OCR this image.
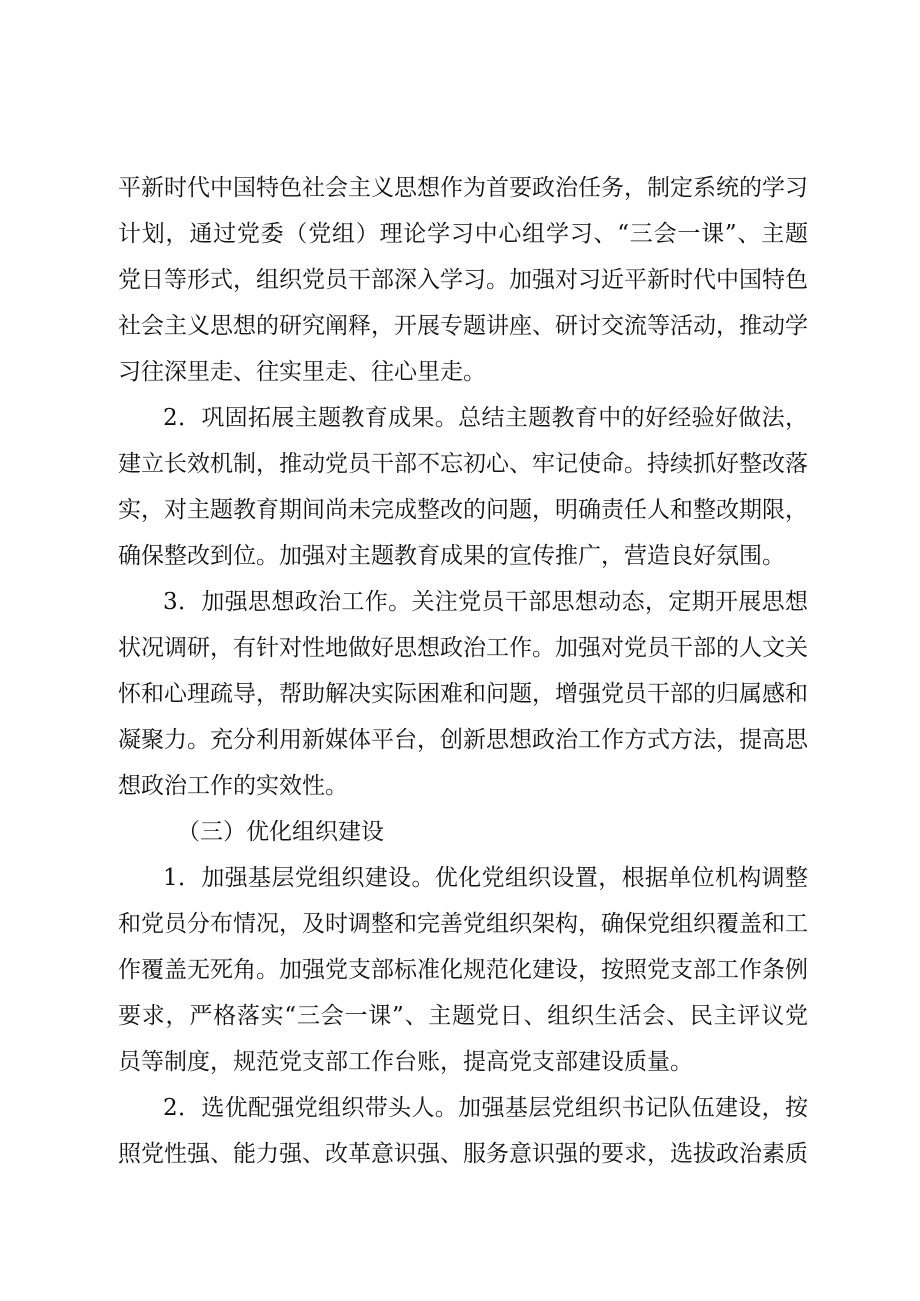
平新时代中国特色社会主义思想作为首要政治任务，制定系统的学习
计划，通过党委（党组）理论学习中心组学习、“三会一课”、主题
党日等形式，组织党员干部深入学习。加强对习近平新时代中国特色
社会主义思想的研究阐释，开展专题讲座、研讨交流等活动，推动学
习往深里走、往实里走、往心里走。
2．巩固拓展主题教育成果。总结主题教育中的好经验好做法，
建立长效机制，推动党员干部不忘初心、牢记使命。持续抓好整改落
实，对主题教育期间尚未完成整改的问题，明确责任人和整改期限，
确保整改到位。加强对主题教育成果的宣传推广，营造良好氛围。
3．加强思想政治工作。关注党员干部思想动态，定期开展思想
状况调研，有针对性地做好思想政治工作。加强对党员干部的人文关
怀和心理疏导，帮助解决实际困难和问题，增强党员干部的归属感和
凝聚力。充分利用新媒体平台，创新思想政治工作方式方法，提高思
想政治工作的实效性。
（三）优化组织建设
1．加强基层党组织建设。优化党组织设置，根据单位机构调整
和党员分布情况，及时调整和完善党组织架构，确保党组织覆盖和工
作覆盖无死角。加强党支部标准化规范化建设，按照党支部工作条例
要求，严格落实“三会一课”、主题党日、组织生活会、民主评议党
员等制度，规范党支部工作台账，提高党支部建设质量。
2．选优配强党组织带头人。加强基层党组织书记队伍建设，按
照党性强、能力强、改革意识强、服务意识强的要求，选拔政治素质
